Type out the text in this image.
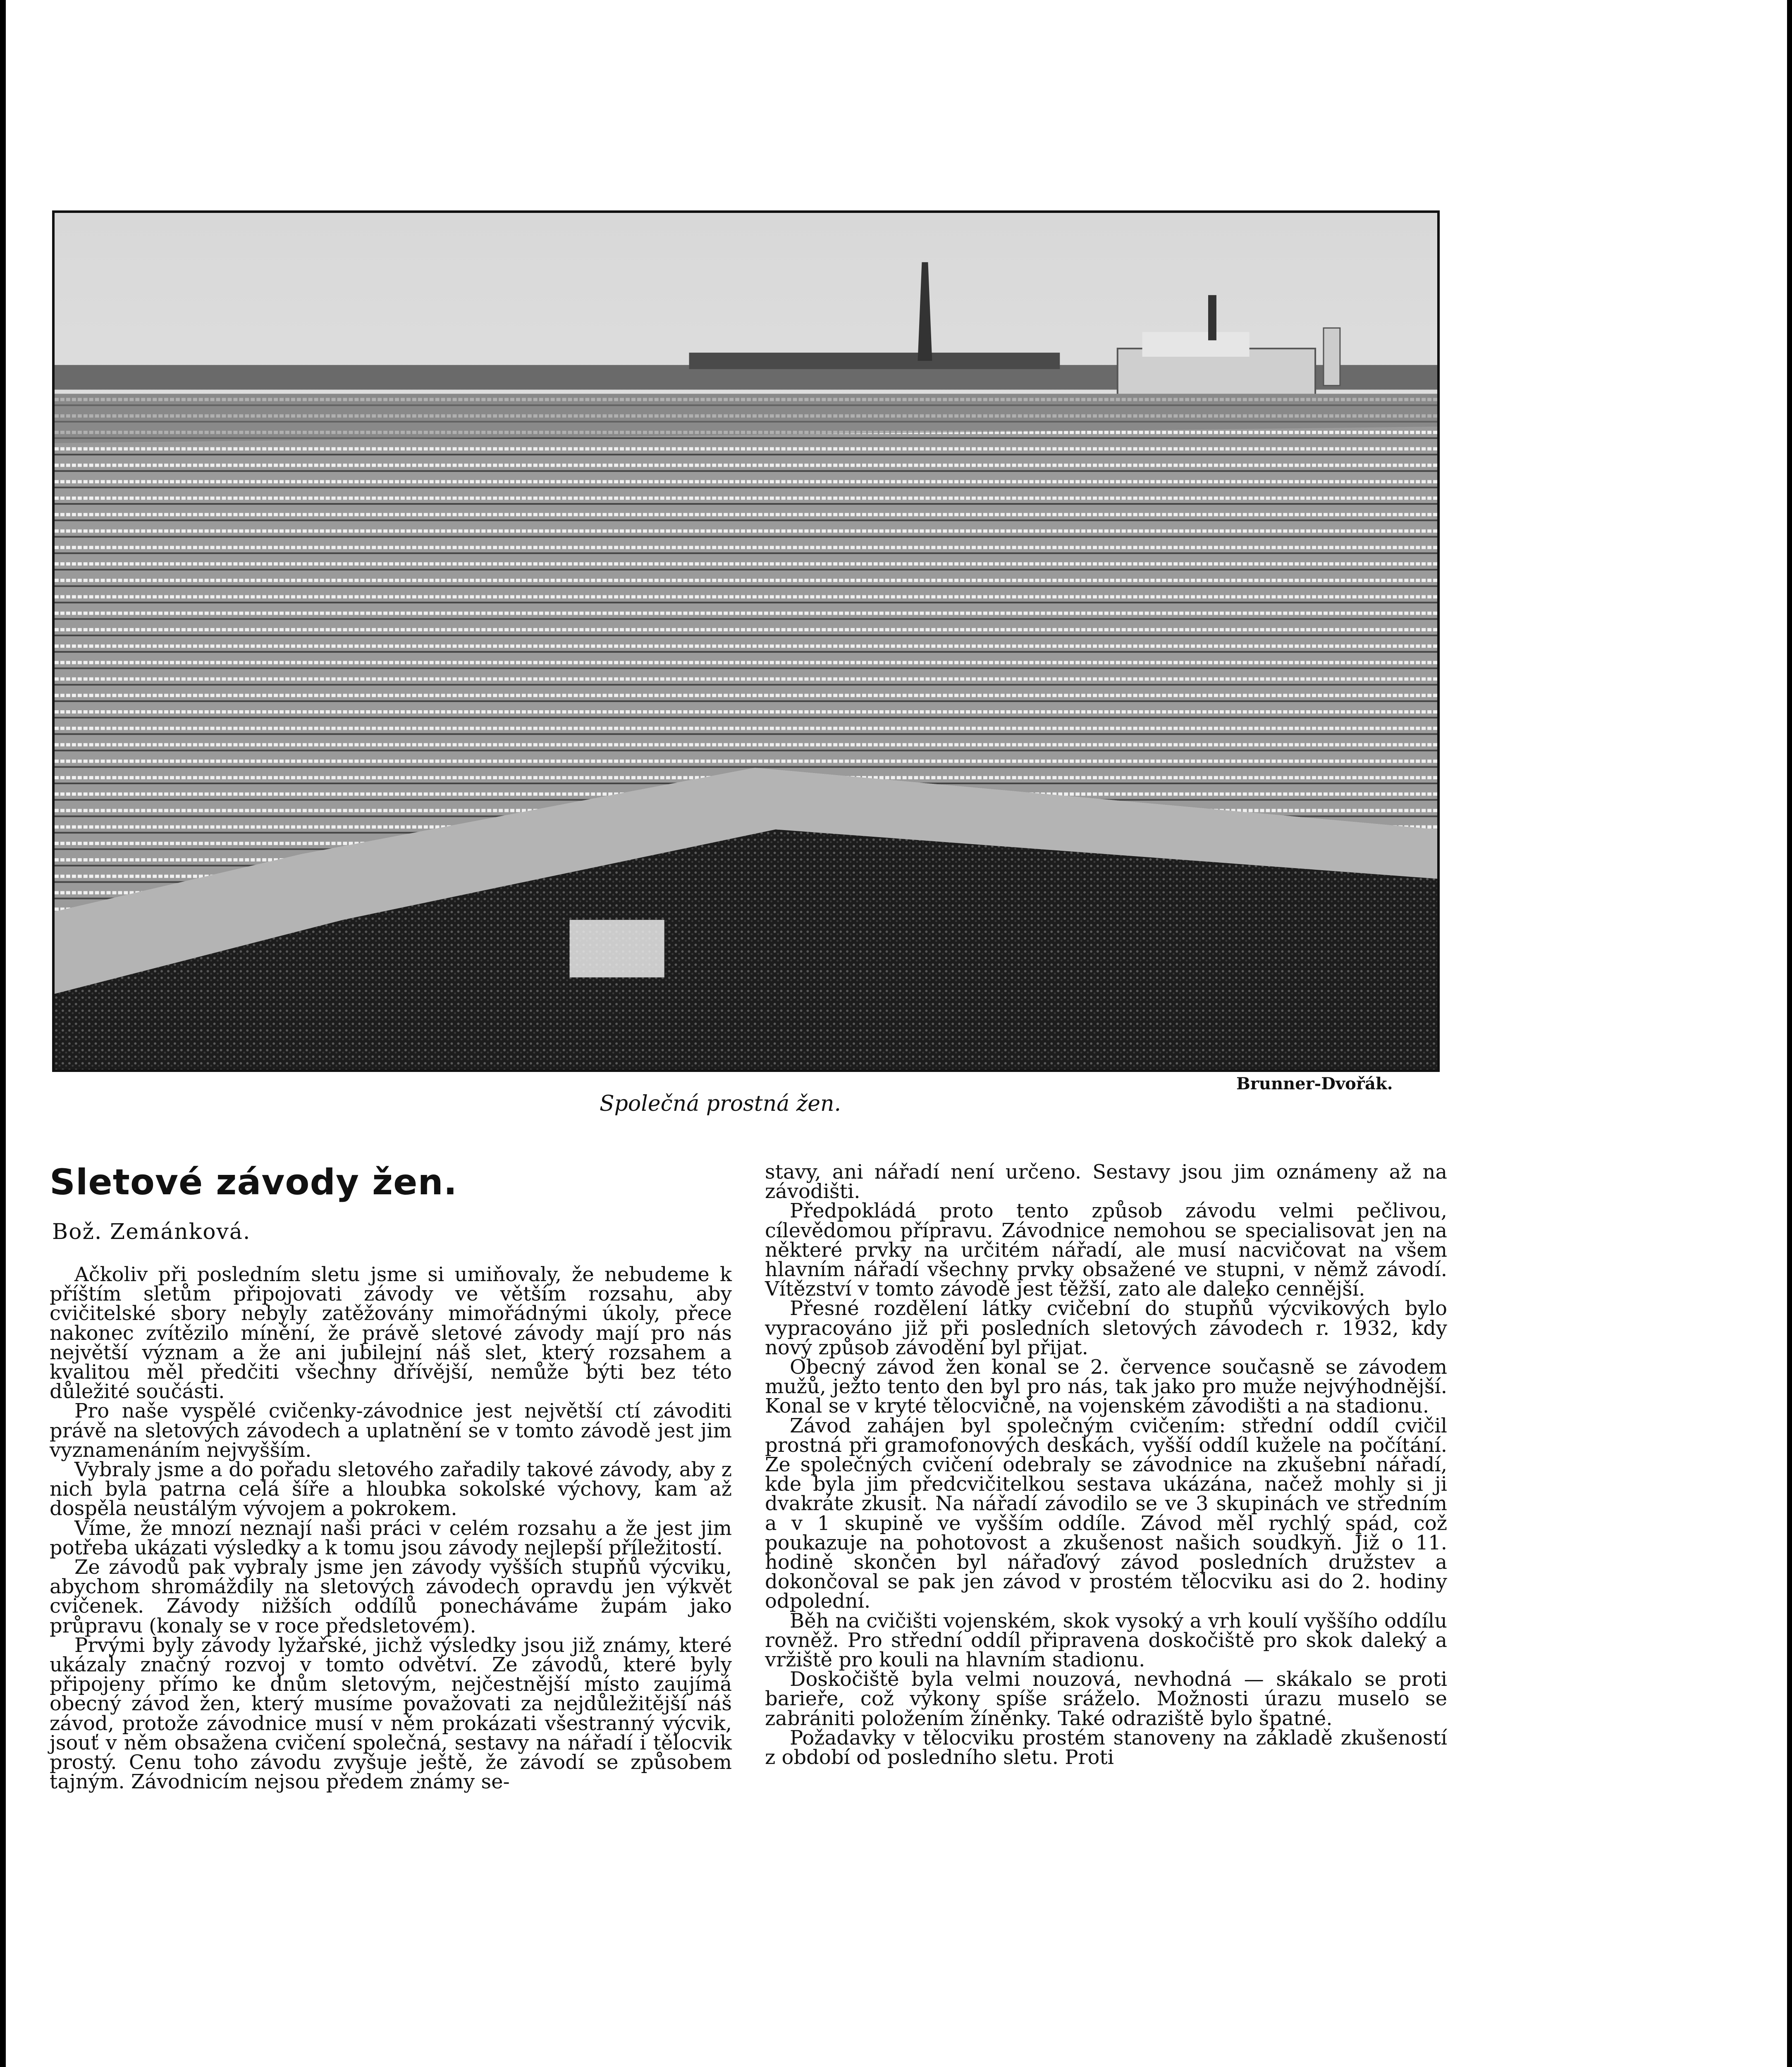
Brunner-Dvořák.
Společná prostná žen.
Sletové závody žen.
Bož. Zemánková.

Ačkoliv při posledním sletu jsme si umiňovaly, že nebudeme k příštím sletům připojovati závody ve větším rozsahu, aby cvičitelské sbory nebyly zatěžovány mimořádnými úkoly, přece nakonec zvítězilo mínění, že právě sletové závody mají pro nás největší význam a že ani jubilejní náš slet, který rozsahem a kvalitou měl předčiti všechny dřívější, nemůže býti bez této důležité součásti.

Pro naše vyspělé cvičenky-závodnice jest největší ctí závoditi právě na sletových závodech a uplatnění se v tomto závodě jest jim vyznamenáním nejvyšším.

Vybraly jsme a do pořadu sletového zařadily takové závody, aby z nich byla patrna celá šíře a hloubka sokolské výchovy, kam až dospěla neustálým vývojem a pokrokem.

Víme, že mnozí neznají naši práci v celém rozsahu a že jest jim potřeba ukázati výsledky a k tomu jsou závody nejlepší příležitostí.

Ze závodů pak vybraly jsme jen závody vyšších stupňů výcviku, abychom shromáždily na sletových závodech opravdu jen výkvět cvičenek. Závody nižších oddílů ponecháváme župám jako průpravu (konaly se v roce předsletovém).

Prvými byly závody lyžařské, jichž výsledky jsou již známy, které ukázaly značný rozvoj v tomto odvětví. Ze závodů, které byly připojeny přímo ke dnům sletovým, nejčestnější místo zaujímá obecný závod žen, který musíme považovati za nejdůležitější náš závod, protože závodnice musí v něm prokázati všestranný výcvik, jsouť v něm obsažena cvičení společná, sestavy na nářadí i tělocvik prostý. Cenu toho závodu zvyšuje ještě, že závodí se způsobem tajným. Závodnicím nejsou předem známy se-

stavy, ani nářadí není určeno. Sestavy jsou jim oznámeny až na závodišti.

Předpokládá proto tento způsob závodu velmi pečlivou, cílevědomou přípravu. Závodnice nemohou se specialisovat jen na některé prvky na určitém nářadí, ale musí nacvičovat na všem hlavním nářadí všechny prvky obsažené ve stupni, v němž závodí. Vítězství v tomto závodě jest těžší, zato ale daleko cennější.

Přesné rozdělení látky cvičební do stupňů výcvikových bylo vypracováno již při posledních sletových závodech r. 1932, kdy nový způsob závodění byl přijat.

Obecný závod žen konal se 2. července současně se závodem mužů, ježto tento den byl pro nás, tak jako pro muže nejvýhodnější. Konal se v kryté tělocvičně, na vojenském závodišti a na stadionu.

Závod zahájen byl společným cvičením: střední oddíl cvičil prostná při gramofonových deskách, vyšší oddíl kužele na počítání. Ze společných cvičení odebraly se závodnice na zkušební nářadí, kde byla jim předcvičitelkou sestava ukázána, načež mohly si ji dvakráte zkusit. Na nářadí závodilo se ve 3 skupinách ve středním a v 1 skupině ve vyšším oddíle. Závod měl rychlý spád, což poukazuje na pohotovost a zkušenost našich soudkyň. Již o 11. hodině skončen byl nářaďový závod posledních družstev a dokončoval se pak jen závod v prostém tělocviku asi do 2. hodiny odpolední.

Běh na cvičišti vojenském, skok vysoký a vrh koulí vyššího oddílu rovněž. Pro střední oddíl připravena doskočiště pro skok daleký a vržiště pro kouli na hlavním stadionu.

Doskočiště byla velmi nouzová, nevhodná — skákalo se proti barieře, což výkony spíše sráželo. Možnosti úrazu muselo se zabrániti položením žíněnky. Také odraziště bylo špatné.

Požadavky v tělocviku prostém stanoveny na základě zkušeností z období od posledního sletu. Proti
